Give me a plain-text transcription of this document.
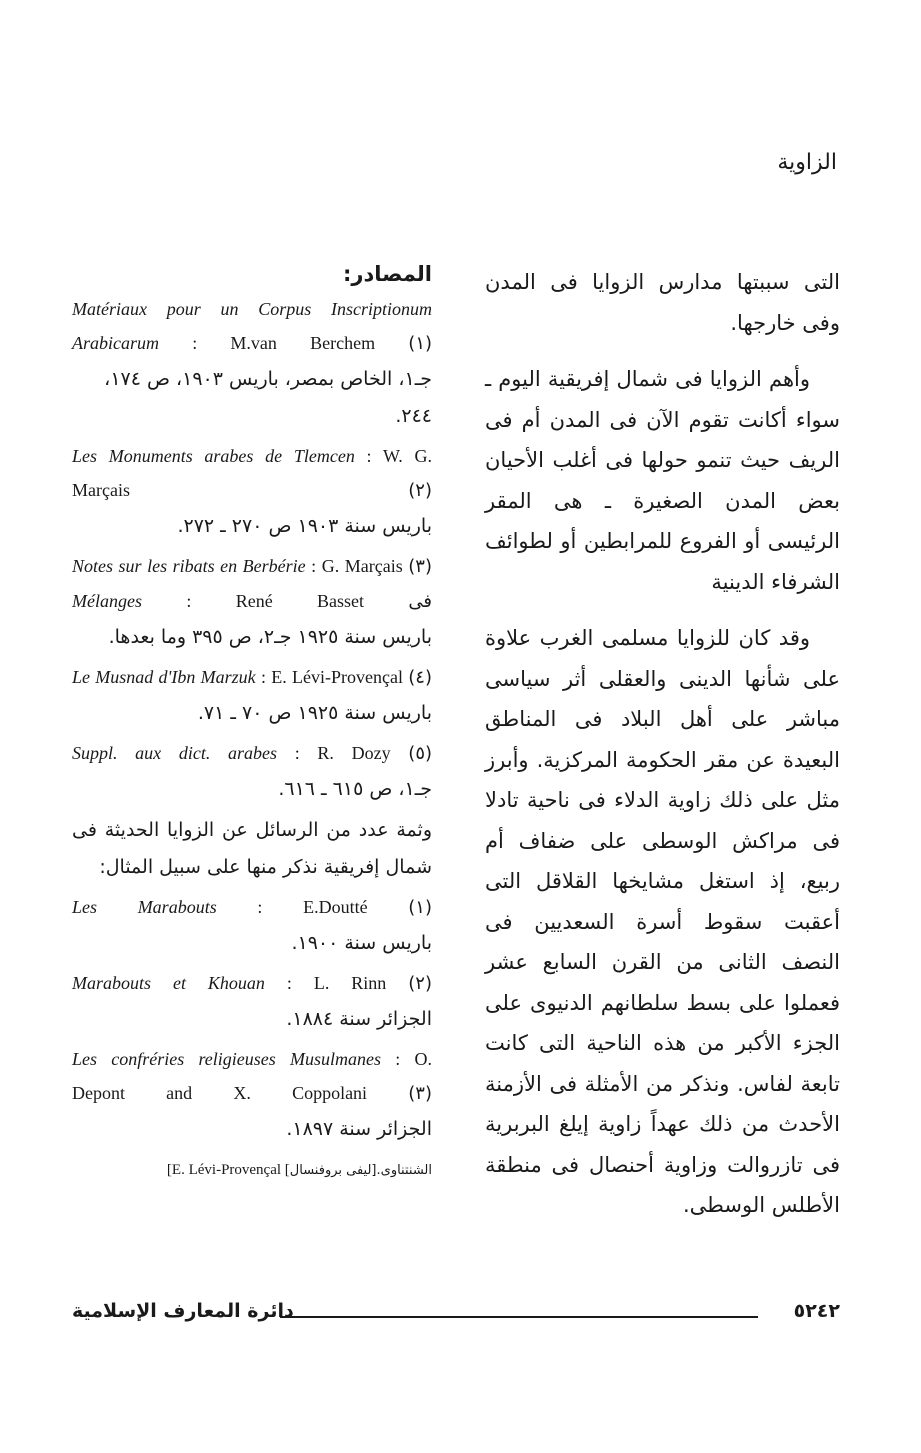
الزاوية

التى سببتها مدارس الزوايا فى المدن وفى خارجها.

وأهم الزوايا فى شمال إفريقية اليوم ـ سواء أكانت تقوم الآن فى المدن أم فى الريف حيث تنمو حولها فى أغلب الأحيان بعض المدن الصغيرة ـ هى المقر الرئيسى أو الفروع للمرابطين أو لطوائف الشرفاء الدينية

وقد كان للزوايا مسلمى الغرب علاوة على شأنها الدينى والعقلى أثر سياسى مباشر على أهل البلاد فى المناطق البعيدة عن مقر الحكومة المركزية. وأبرز مثل على ذلك زاوية الدلاء فى ناحية تادلا فى مراكش الوسطى على ضفاف أم ربيع، إذ استغل مشايخها القلاقل التى أعقبت سقوط أسرة السعديين فى النصف الثانى من القرن السابع عشر فعملوا على بسط سلطانهم الدنيوى على الجزء الأكبر من هذه الناحية التى كانت تابعة لفاس. ونذكر من الأمثلة فى الأزمنة الأحدث من ذلك عهداً زاوية إيلغ البربرية فى تازروالت وزاوية أحنصال فى منطقة الأطلس الوسطى.

المصادر:
Matériaux pour un Corpus Inscriptionum Arabicarum : M.van Berchem (١)
جـ١، الخاص بمصر، باريس ١٩٠٣، ص ١٧٤، ٢٤٤.
Les Monuments arabes de Tlemcen : W. G. Marçais	(٢)
باريس سنة ١٩٠٣ ص ٢٧٠ ـ ٢٧٢.
Notes sur les ribats en Berbérie : G. Marçais (٣)
Mélanges : René Basset فى
باريس سنة ١٩٢٥ جـ٢، ص ٣٩٥ وما بعدها.
Le Musnad d'Ibn Marzuk : E. Lévi-Provençal (٤)
باريس سنة ١٩٢٥ ص ٧٠ ـ ٧١.
Suppl. aux dict. arabes : R. Dozy (٥)
جـ١، ص ٦١٥ ـ ٦١٦.
وثمة عدد من الرسائل عن الزوايا الحديثة فى شمال إفريقية نذكر منها على سبيل المثال:
Les Marabouts : E.Doutté (١)
باريس سنة ١٩٠٠.
Marabouts et Khouan : L. Rinn (٢)
الجزائر سنة ١٨٨٤.
Les confréries religieuses Musulmanes : O. Depont and X. Coppolani (٣)
الجزائر سنة ١٨٩٧.
[E. Lévi-Provençal الشنتناوى.[ليفى بروفنسال]
دائرة المعارف الإسلامية	٥٢٤٢
